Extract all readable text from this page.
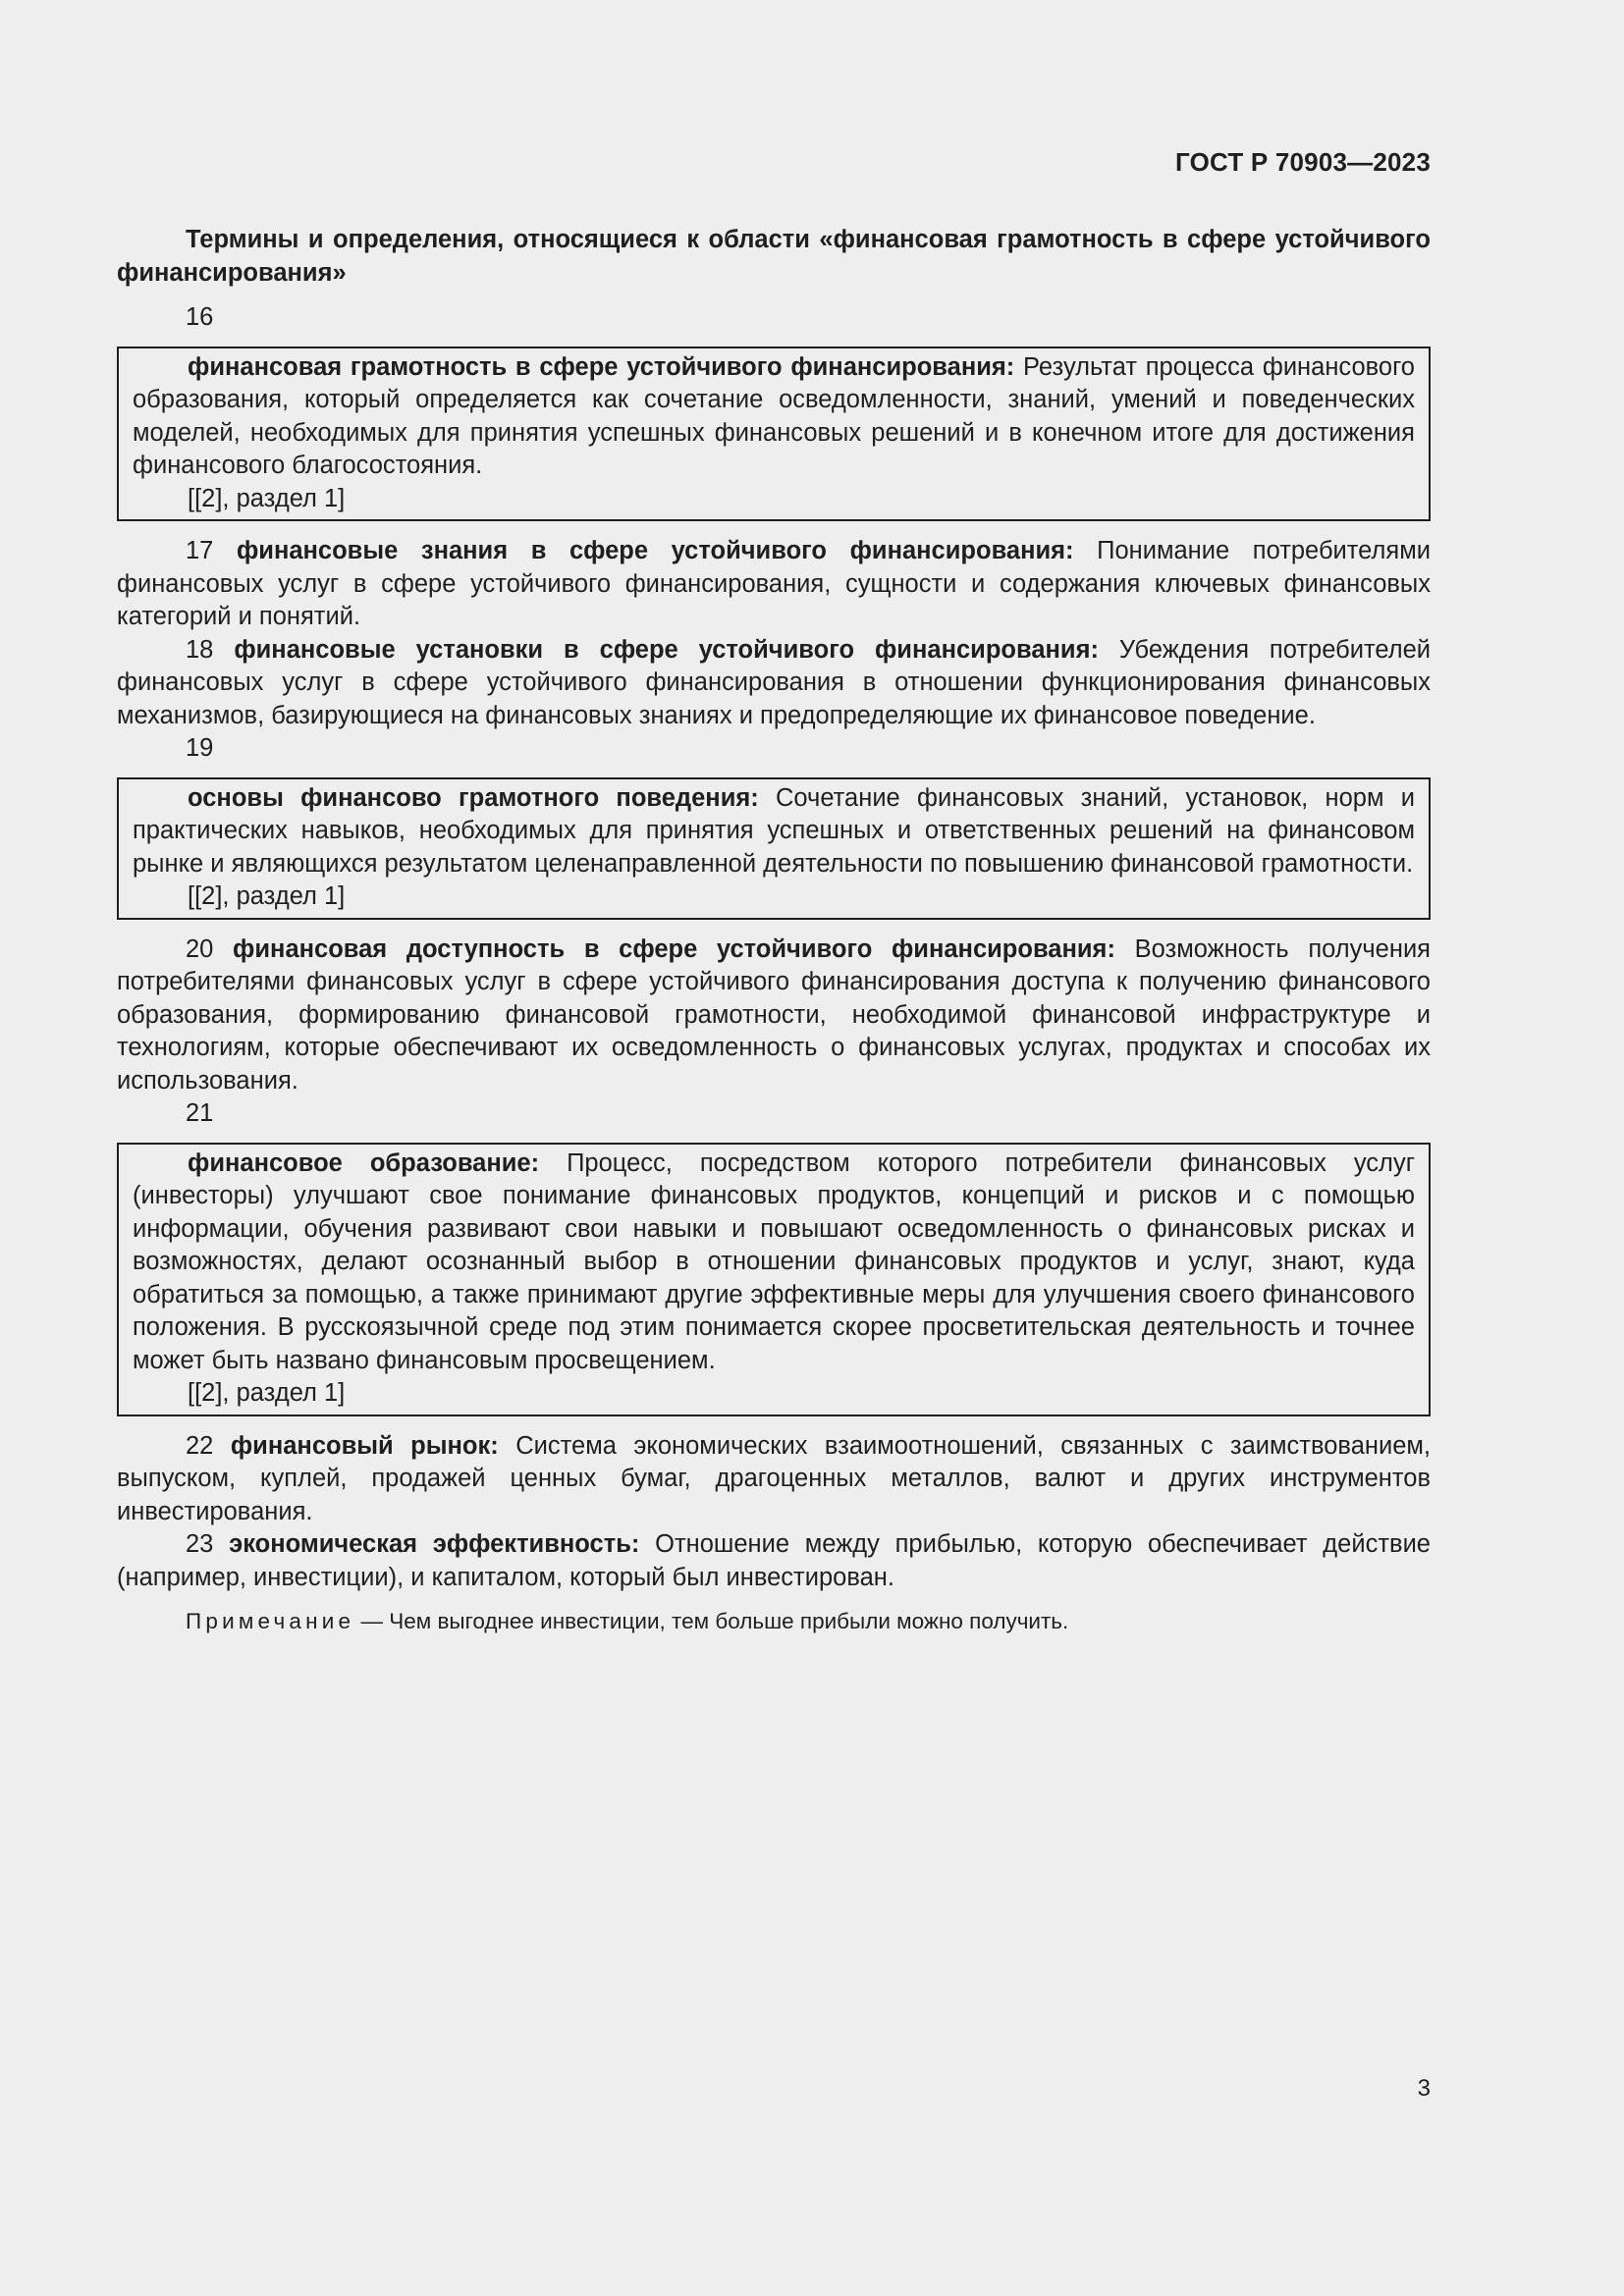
ГОСТ Р 70903—2023

Термины и определения, относящиеся к области «финансовая грамотность в сфере устойчивого финансирования»

16

финансовая грамотность в сфере устойчивого финансирования: Результат процесса финансового образования, который определяется как сочетание осведомленности, знаний, умений и поведенческих моделей, необходимых для принятия успешных финансовых решений и в конечном итоге для достижения финансового благосостояния.

[[2], раздел 1]

17 финансовые знания в сфере устойчивого финансирования: Понимание потребителями финансовых услуг в сфере устойчивого финансирования, сущности и содержания ключевых финансовых категорий и понятий.

18 финансовые установки в сфере устойчивого финансирования: Убеждения потребителей финансовых услуг в сфере устойчивого финансирования в отношении функционирования финансовых механизмов, базирующиеся на финансовых знаниях и предопределяющие их финансовое поведение.

19

основы финансово грамотного поведения: Сочетание финансовых знаний, установок, норм и практических навыков, необходимых для принятия успешных и ответственных решений на финансовом рынке и являющихся результатом целенаправленной деятельности по повышению финансовой грамотности.

[[2], раздел 1]

20 финансовая доступность в сфере устойчивого финансирования: Возможность получения потребителями финансовых услуг в сфере устойчивого финансирования доступа к получению финансового образования, формированию финансовой грамотности, необходимой финансовой инфраструктуре и технологиям, которые обеспечивают их осведомленность о финансовых услугах, продуктах и способах их использования.

21

финансовое образование: Процесс, посредством которого потребители финансовых услуг (инвесторы) улучшают свое понимание финансовых продуктов, концепций и рисков и с помощью информации, обучения развивают свои навыки и повышают осведомленность о финансовых рисках и возможностях, делают осознанный выбор в отношении финансовых продуктов и услуг, знают, куда обратиться за помощью, а также принимают другие эффективные меры для улучшения своего финансового положения. В русскоязычной среде под этим понимается скорее просветительская деятельность и точнее может быть названо финансовым просвещением.

[[2], раздел 1]

22 финансовый рынок: Система экономических взаимоотношений, связанных с заимствованием, выпуском, куплей, продажей ценных бумаг, драгоценных металлов, валют и других инструментов инвестирования.

23 экономическая эффективность: Отношение между прибылью, которую обеспечивает действие (например, инвестиции), и капиталом, который был инвестирован.

Примечание — Чем выгоднее инвестиции, тем больше прибыли можно получить.

3
